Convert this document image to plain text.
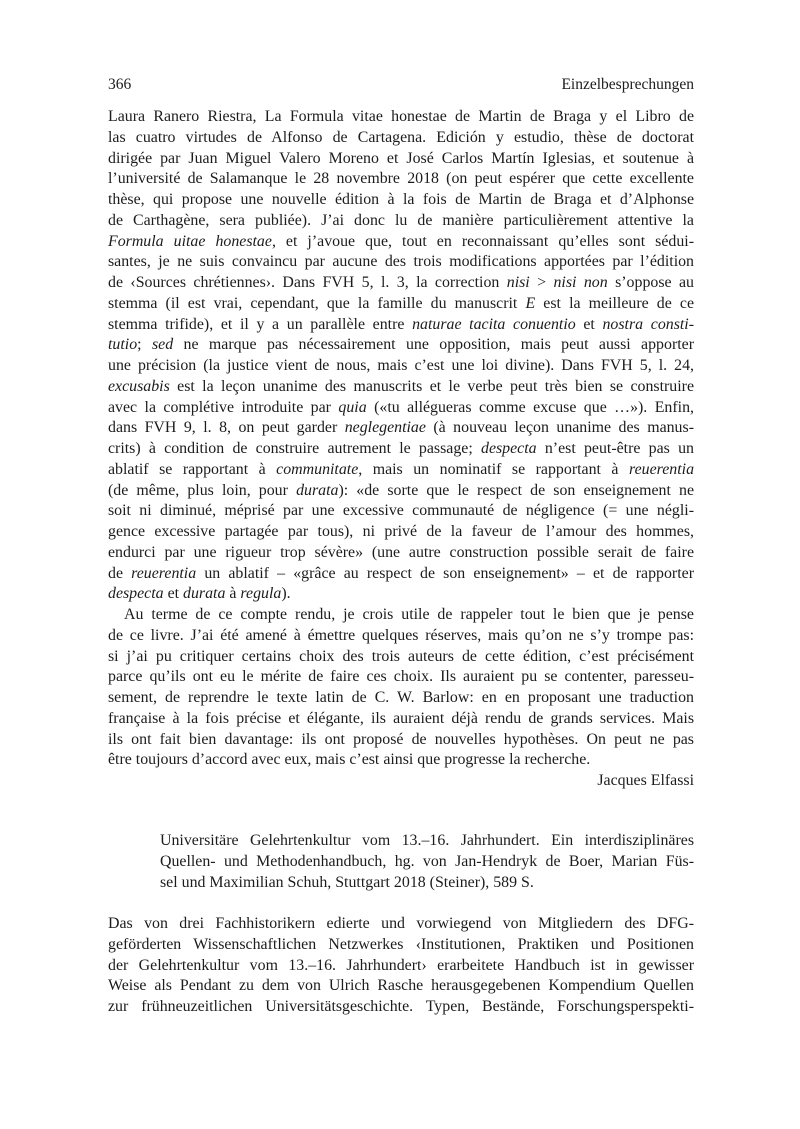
366	Einzelbesprechungen
Laura Ranero Riestra, La Formula vitae honestae de Martin de Braga y el Libro de
las cuatro virtudes de Alfonso de Cartagena. Edición y estudio, thèse de doctorat
dirigée par Juan Miguel Valero Moreno et José Carlos Martín Iglesias, et soutenue à
l’université de Salamanque le 28 novembre 2018 (on peut espérer que cette excellente
thèse, qui propose une nouvelle édition à la fois de Martin de Braga et d’Alphonse
de Carthagène, sera publiée). J’ai donc lu de manière particulièrement attentive la
Formula uitae honestae, et j’avoue que, tout en reconnaissant qu’elles sont sédui-
santes, je ne suis convaincu par aucune des trois modifications apportées par l’édition
de ‹Sources chrétiennes›. Dans FVH 5, l. 3, la correction nisi > nisi non s’oppose au
stemma (il est vrai, cependant, que la famille du manuscrit E est la meilleure de ce
stemma trifide), et il y a un parallèle entre naturae tacita conuentio et nostra consti-
tutio; sed ne marque pas nécessairement une opposition, mais peut aussi apporter
une précision (la justice vient de nous, mais c’est une loi divine). Dans FVH 5, l. 24,
excusabis est la leçon unanime des manuscrits et le verbe peut très bien se construire
avec la complétive introduite par quia («tu allégueras comme excuse que …»). Enfin,
dans FVH 9, l. 8, on peut garder neglegentiae (à nouveau leçon unanime des manus-
crits) à condition de construire autrement le passage; despecta n’est peut-être pas un
ablatif se rapportant à communitate, mais un nominatif se rapportant à reuerentia
(de même, plus loin, pour durata): «de sorte que le respect de son enseignement ne
soit ni diminué, méprisé par une excessive communauté de négligence (= une négli-
gence excessive partagée par tous), ni privé de la faveur de l’amour des hommes,
endurci par une rigueur trop sévère» (une autre construction possible serait de faire
de reuerentia un ablatif – «grâce au respect de son enseignement» – et de rapporter
despecta et durata à regula).
Au terme de ce compte rendu, je crois utile de rappeler tout le bien que je pense
de ce livre. J’ai été amené à émettre quelques réserves, mais qu’on ne s’y trompe pas:
si j’ai pu critiquer certains choix des trois auteurs de cette édition, c’est précisément
parce qu’ils ont eu le mérite de faire ces choix. Ils auraient pu se contenter, paresseu-
sement, de reprendre le texte latin de C. W. Barlow: en en proposant une traduction
française à la fois précise et élégante, ils auraient déjà rendu de grands services. Mais
ils ont fait bien davantage: ils ont proposé de nouvelles hypothèses. On peut ne pas
être toujours d’accord avec eux, mais c’est ainsi que progresse la recherche.
Jacques Elfassi
Universitäre Gelehrtenkultur vom 13.–16. Jahrhundert. Ein interdisziplinäres
Quellen- und Methodenhandbuch, hg. von Jan-Hendryk de Boer, Marian Füs-
sel und Maximilian Schuh, Stuttgart 2018 (Steiner), 589 S.
Das von drei Fachhistorikern edierte und vorwiegend von Mitgliedern des DFG-
geförderten Wissenschaftlichen Netzwerkes ‹Institutionen, Praktiken und Positionen
der Gelehrtenkultur vom 13.–16. Jahrhundert› erarbeitete Handbuch ist in gewisser
Weise als Pendant zu dem von Ulrich Rasche herausgegebenen Kompendium Quellen
zur frühneuzeitlichen Universitätsgeschichte. Typen, Bestände, Forschungsperspekti-
